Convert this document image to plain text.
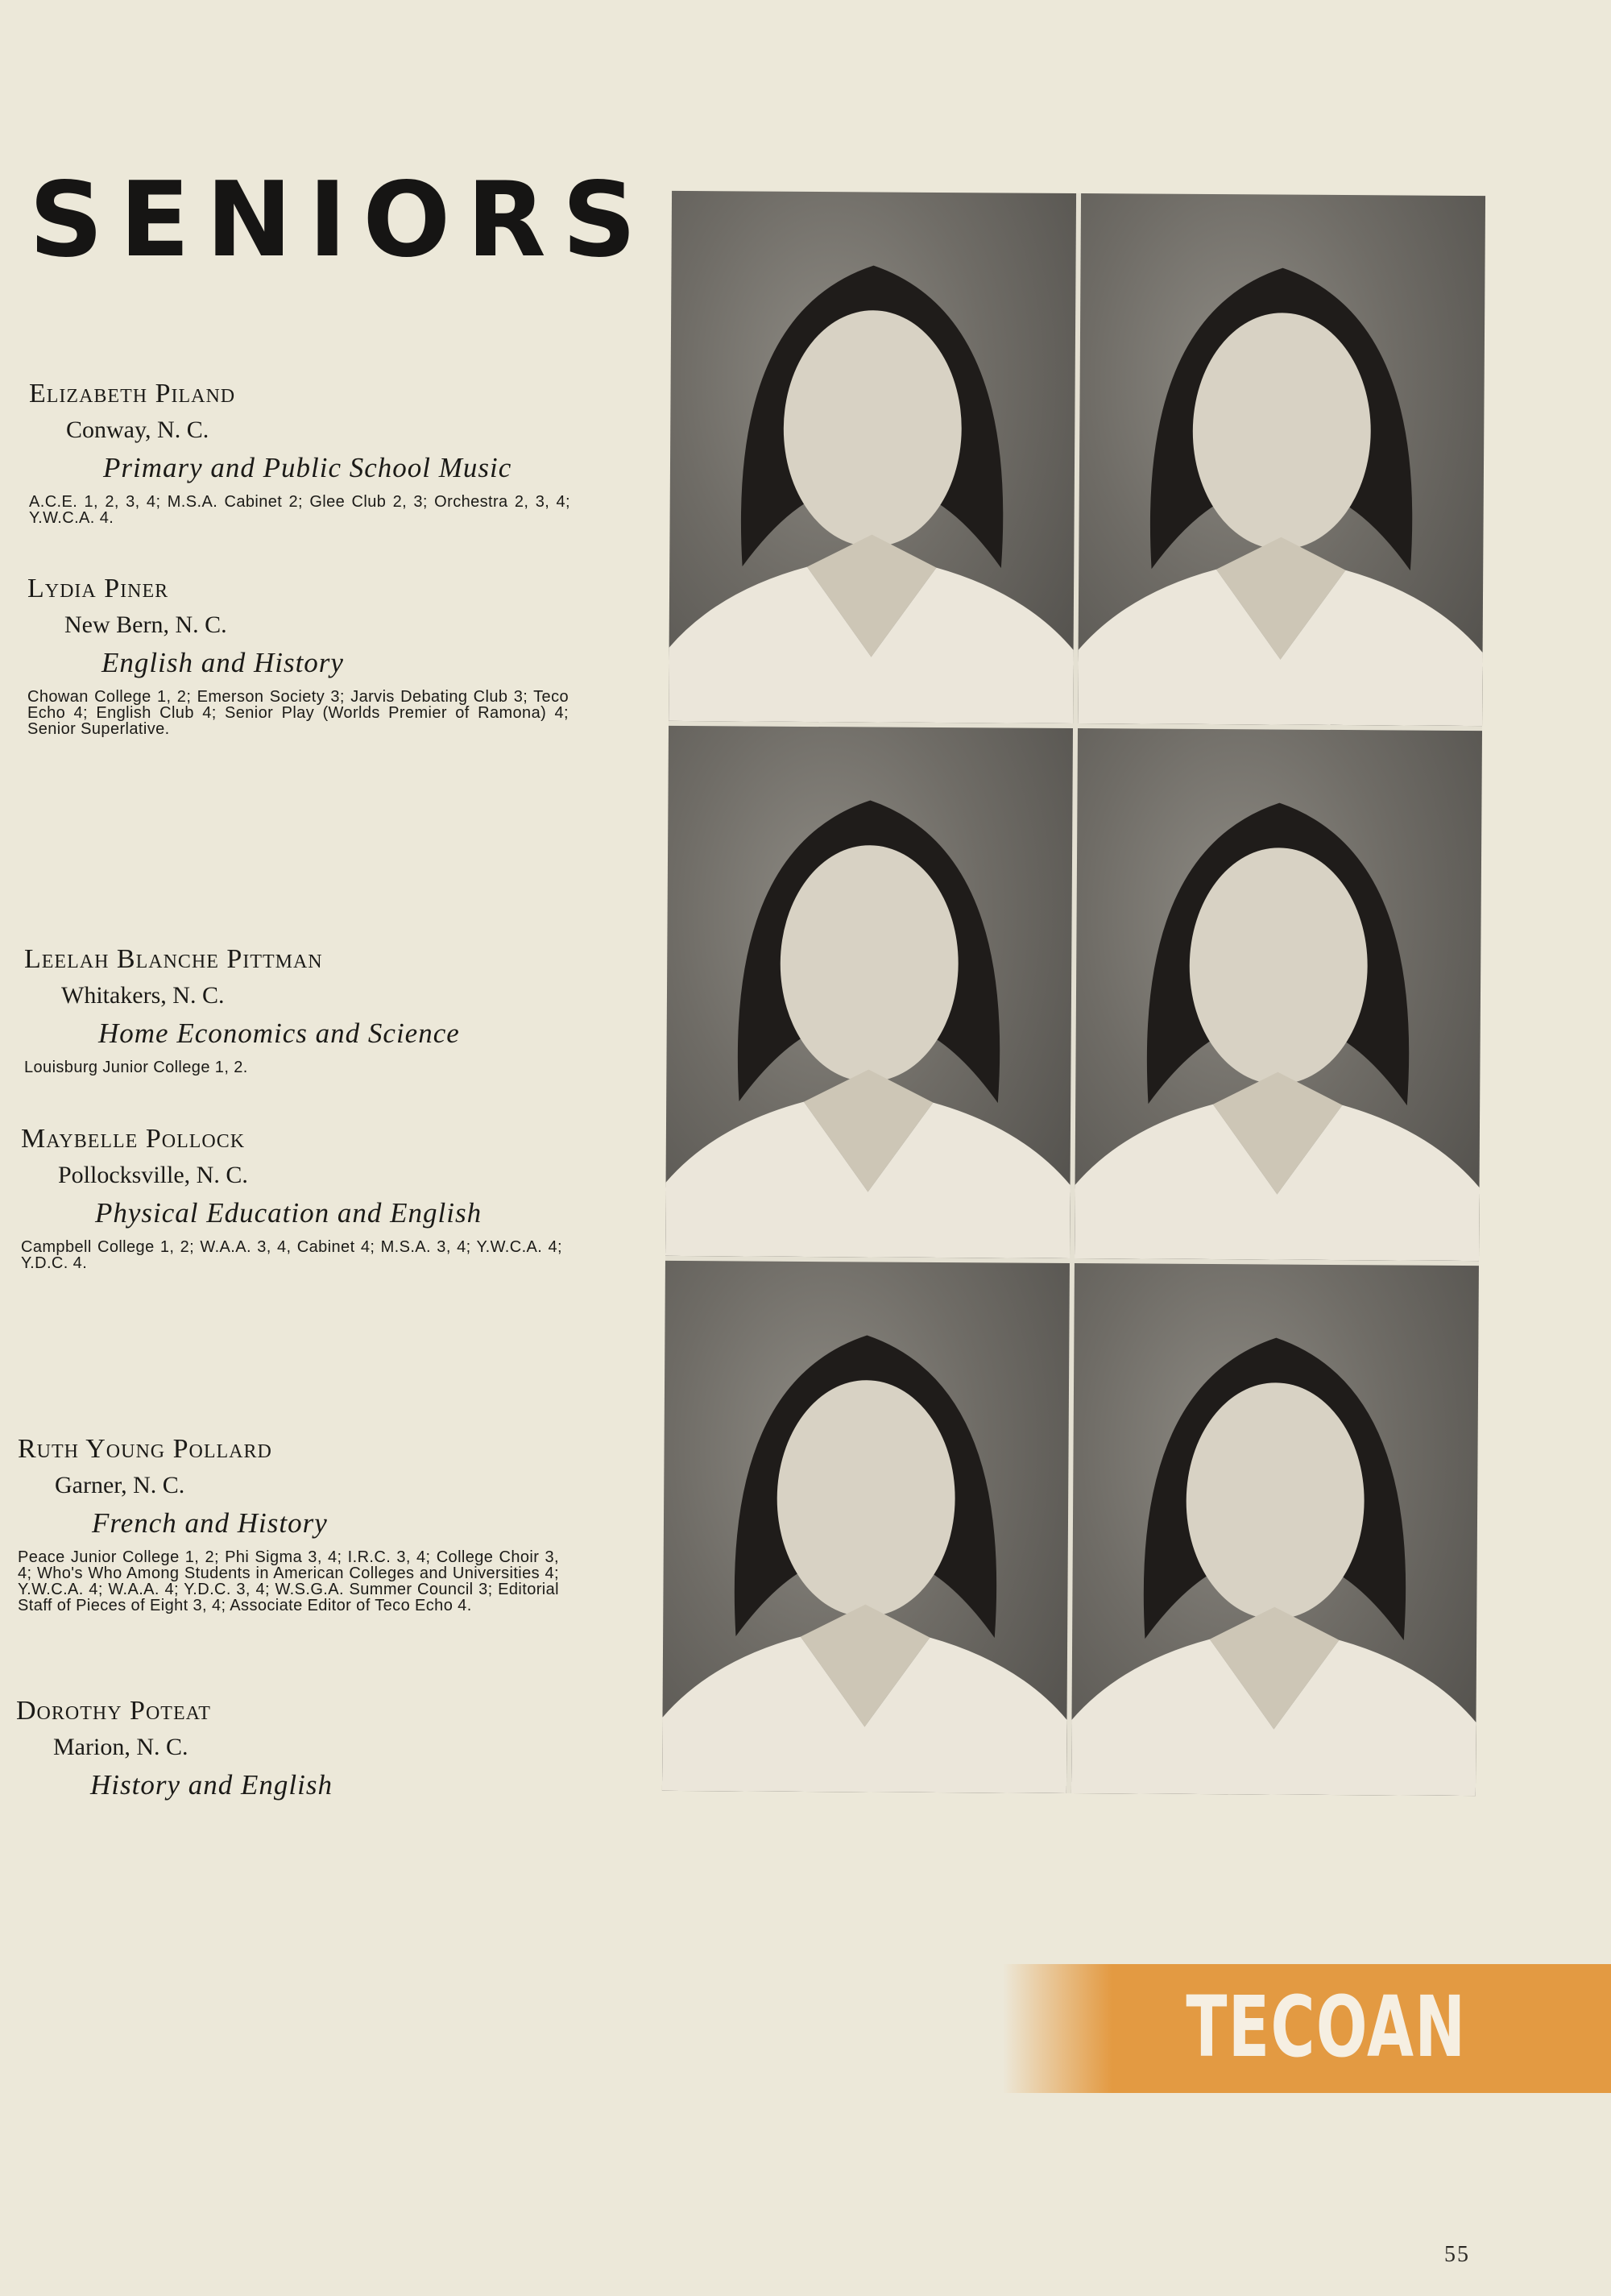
SENIORS
Elizabeth Piland
Conway, N. C.
Primary and Public School Music
A.C.E. 1, 2, 3, 4; M.S.A. Cabinet 2; Glee Club 2, 3; Orchestra 2, 3, 4; Y.W.C.A. 4.
Lydia Piner
New Bern, N. C.
English and History
Chowan College 1, 2; Emerson Society 3; Jarvis Debating Club 3; Teco Echo 4; English Club 4; Senior Play (Worlds Premier of Ramona) 4; Senior Superlative.
Leelah Blanche Pittman
Whitakers, N. C.
Home Economics and Science
Louisburg Junior College 1, 2.
Maybelle Pollock
Pollocksville, N. C.
Physical Education and English
Campbell College 1, 2; W.A.A. 3, 4, Cabinet 4; M.S.A. 3, 4; Y.W.C.A. 4; Y.D.C. 4.
Ruth Young Pollard
Garner, N. C.
French and History
Peace Junior College 1, 2; Phi Sigma 3, 4; I.R.C. 3, 4; College Choir 3, 4; Who's Who Among Students in American Colleges and Universities 4; Y.W.C.A. 4; W.A.A. 4; Y.D.C. 3, 4; W.S.G.A. Summer Council 3; Editorial Staff of Pieces of Eight 3, 4; Associate Editor of Teco Echo 4.
Dorothy Poteat
Marion, N. C.
History and English
TECOAN
55
